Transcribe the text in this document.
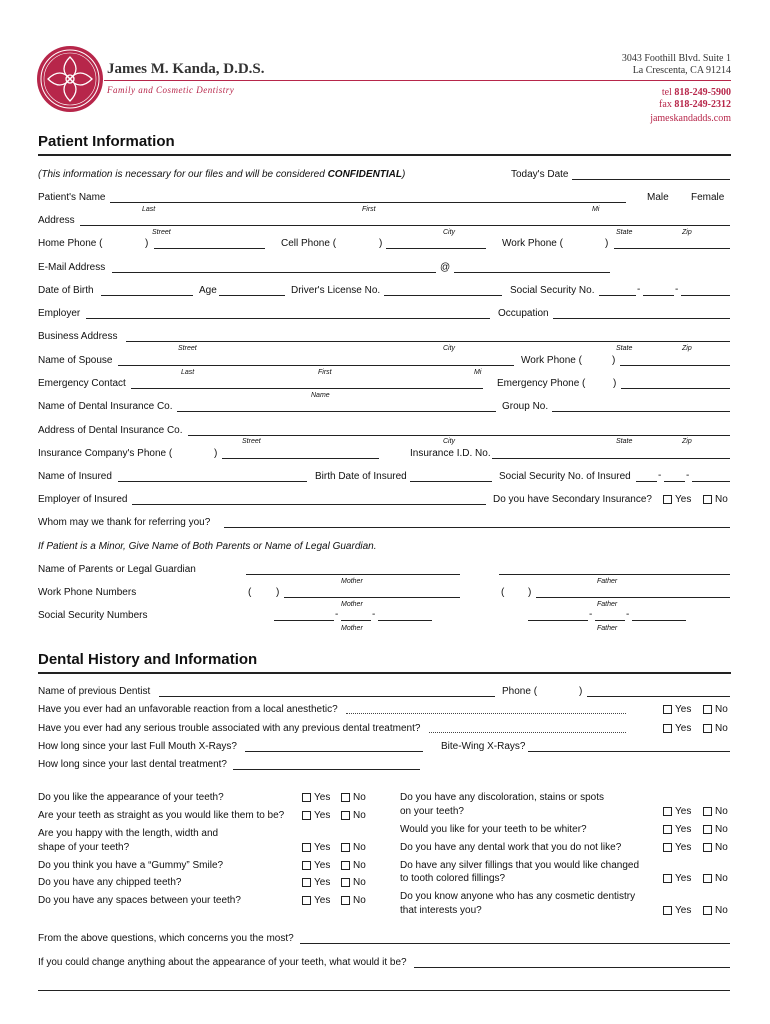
James M. Kanda, D.D.S.
Family and Cosmetic Dentistry
3043 Foothill Blvd. Suite 1
La Crescenta, CA 91214
tel 818-249-5900
fax 818-249-2312
jameskandadds.com
Patient Information
(This information is necessary for our files and will be considered CONFIDENTIAL)	Today's Date
Patient's Name	Male Female
Last	First	Mi
Address
Street	City	State	Zip
Home Phone (	)	Cell Phone (	)	Work Phone (	)
E-Mail Address	@
Date of Birth	Age	Driver's License No.	Social Security No.	-	-
Employer	Occupation
Business Address
Street	City	State	Zip
Name of Spouse	Work Phone (	)
Last	First	Mi
Emergency Contact	Emergency Phone (	)
Name
Name of Dental Insurance Co.	Group No.
Address of Dental Insurance Co.
Street	City	State	Zip
Insurance Company's Phone (	)	Insurance I.D. No.
Name of Insured	Birth Date of Insured	Social Security No. of Insured	- -
Employer of Insured	Do you have Secondary Insurance? Yes No
Whom may we thank for referring you?
If Patient is a Minor, Give Name of Both Parents or Name of Legal Guardian.
Name of Parents or Legal Guardian
Mother	Father
Work Phone Numbers	( )	( )
Mother	Father
Social Security Numbers	-	-	-	-
Mother	Father
Dental History and Information
Name of previous Dentist	Phone (	)
Have you ever had an unfavorable reaction from a local anesthetic?	Yes No
Have you ever had any serious trouble associated with any previous dental treatment?	Yes No
How long since your last Full Mouth X-Rays?	Bite-Wing X-Rays?
How long since your last dental treatment?
Do you like the appearance of your teeth?	Yes No
Are your teeth as straight as you would like them to be?	Yes No
Are you happy with the length, width and
shape of your teeth?	Yes No
Do you think you have a “Gummy” Smile?	Yes No
Do you have any chipped teeth?	Yes No
Do you have any spaces between your teeth?	Yes No
Do you have any discoloration, stains or spots
on your teeth?	Yes No
Would you like for your teeth to be whiter?	Yes No
Do you have any dental work that you do not like?	Yes No
Do have any silver fillings that you would like changed
to tooth colored fillings?	Yes No
Do you know anyone who has any cosmetic dentistry
that interests you?	Yes No
From the above questions, which concerns you the most?
If you could change anything about the appearance of your teeth, what would it be?
